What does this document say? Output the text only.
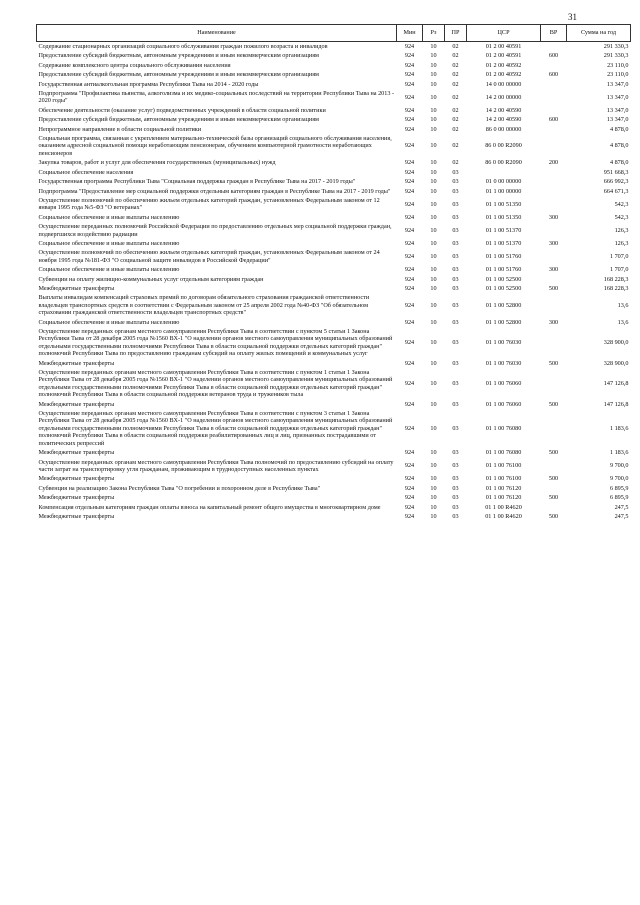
31
Наименование	Мин	Рз	ПР	ЦСР	ВР	Сумма на год
Содержание стационарных организаций социального обслуживания граждан пожилого возраста и инвалидов	924	10	02	01 2 00 40591		291 330,3
Предоставление субсидий бюджетным, автономным учреждениям и иным некоммерческим организациям	924	10	02	01 2 00 40591	600	291 330,3
Содержание комплексного центра социального обслуживания населения	924	10	02	01 2 00 40592		23 110,0
Предоставление субсидий бюджетным, автономным учреждениям и иным некоммерческим организациям	924	10	02	01 2 00 40592	600	23 110,0
Государственная антиалкогольная программа Республики Тыва на 2014 - 2020 годы	924	10	02	14 0 00 00000		13 347,0
Подпрограмма "Профилактика пьянства, алкоголизма и их медико-социальных последствий на территории Республики Тыва на 2013 - 2020 годы"	924	10	02	14 2 00 00000		13 347,0
Обеспечение деятельности (оказание услуг) подведомственных учреждений в области социальной политики	924	10	02	14 2 00 40590		13 347,0
Предоставление субсидий бюджетным, автономным учреждениям и иным некоммерческим организациям	924	10	02	14 2 00 40590	600	13 347,0
Непрограммное направление в области социальной политики	924	10	02	86 0 00 00000		4 878,0
Социальная программа, связанная с укреплением материально-технической базы организаций социального обслуживания населения, оказанием адресной социальной помощи неработающим пенсионерам, обучением компьютерной грамотности неработающих пенсионеров	924	10	02	86 0 00 R2090		4 878,0
Закупка товаров, работ и услуг для обеспечения государственных (муниципальных) нужд	924	10	02	86 0 00 R2090	200	4 878,0
Социальное обеспечение населения	924	10	03			951 668,3
Государственная программа Республики Тыва "Социальная поддержка граждан в Республике Тыва на 2017 - 2019 годы"	924	10	03	01 0 00 00000		666 992,3
Подпрограмма "Предоставление мер социальной поддержки отдельным категориям граждан в Республике Тыва на 2017 - 2019 годы"	924	10	03	01 1 00 00000		664 671,3
Осуществление полномочий по обеспечению жильем отдельных категорий граждан, установленных Федеральным законом от 12 января 1995 года №5-ФЗ "О ветеранах"	924	10	03	01 1 00 51350		542,3
Социальное обеспечение и иные выплаты населению	924	10	03	01 1 00 51350	300	542,3
Осуществление переданных полномочий Российской Федерации по предоставлению отдельных мер социальной поддержки граждан, подвергшихся воздействию радиации	924	10	03	01 1 00 51370		126,3
Социальное обеспечение и иные выплаты населению	924	10	03	01 1 00 51370	300	126,3
Осуществление полномочий по обеспечению жильем отдельных категорий граждан, установленных Федеральным законом от 24 ноября 1995 года №181-ФЗ "О социальной защите инвалидов в Российской Федерации"	924	10	03	01 1 00 51760		1 707,0
Социальное обеспечение и иные выплаты населению	924	10	03	01 1 00 51760	300	1 707,0
Субвенции на оплату жилищно-коммунальных услуг отдельным категориям граждан	924	10	03	01 1 00 52500		168 228,3
Межбюджетные трансферты	924	10	03	01 1 00 52500	500	168 228,3
Выплаты инвалидам компенсаций страховых премий по договорам обязательного страхования гражданской ответственности владельцев транспортных средств в соответствии с Федеральным законом от 25 апреля 2002 года №40-ФЗ "Об обязательном страховании гражданской ответственности владельцев транспортных средств"	924	10	03	01 1 00 52800		13,6
Социальное обеспечение и иные выплаты населению	924	10	03	01 1 00 52800	300	13,6
Осуществление переданных органам местного самоуправления Республики Тыва в соответствии с пунктом 5 статьи 1 Закона Республики Тыва от 28 декабря 2005 года №1560 ВХ-1 "О наделении органов местного самоуправления муниципальных образований отдельными государственными полномочиями Республики Тыва в области социальной поддержки отдельных категорий граждан" полномочий Республики Тыва по предоставлению гражданам субсидий на оплату жилых помещений и коммунальных услуг	924	10	03	01 1 00 76030		328 900,0
Межбюджетные трансферты	924	10	03	01 1 00 76030	500	328 900,0
Осуществление переданных органам местного самоуправления Республики Тыва в соответствии с пунктом 1 статьи 1 Закона Республики Тыва от 28 декабря 2005 года №1560 ВХ-1 "О наделении органов местного самоуправления муниципальных образований отдельными государственными полномочиями Республики Тыва в области социальной поддержки отдельных категорий граждан" полномочий Республики Тыва в области социальной поддержки ветеранов труда и тружеников тыла	924	10	03	01 1 00 76060		147 126,8
Межбюджетные трансферты	924	10	03	01 1 00 76060	500	147 126,8
Осуществление переданных органам местного самоуправления Республики Тыва в соответствии с пунктом 3 статьи 1 Закона Республики Тыва от 28 декабря 2005 года №1560 ВХ-1 "О наделении органов местного самоуправления муниципальных образований отдельными государственными полномочиями Республики Тыва в области социальной поддержки отдельных категорий граждан" полномочий Республики Тыва в области социальной поддержки реабилитированных лиц и лиц, признанных пострадавшими от политических репрессий	924	10	03	01 1 00 76080		1 183,6
Межбюджетные трансферты	924	10	03	01 1 00 76080	500	1 183,6
Осуществление переданных органам местного самоуправления Республики Тыва полномочий по предоставлению субсидий на оплату части затрат на транспортировку угля гражданам, проживающим в труднодоступных населенных пунктах	924	10	03	01 1 00 76100		9 700,0
Межбюджетные трансферты	924	10	03	01 1 00 76100	500	9 700,0
Субвенция на реализацию Закона Республики Тыва "О погребении и похоронном деле в Республике Тыва"	924	10	03	01 1 00 76120		6 895,9
Межбюджетные трансферты	924	10	03	01 1 00 76120	500	6 895,9
Компенсация отдельным категориям граждан оплаты взноса на капитальный ремонт общего имущества в многоквартирном доме	924	10	03	01 1 00 R4620		247,5
Межбюджетные трансферты	924	10	03	01 1 00 R4620	500	247,5
